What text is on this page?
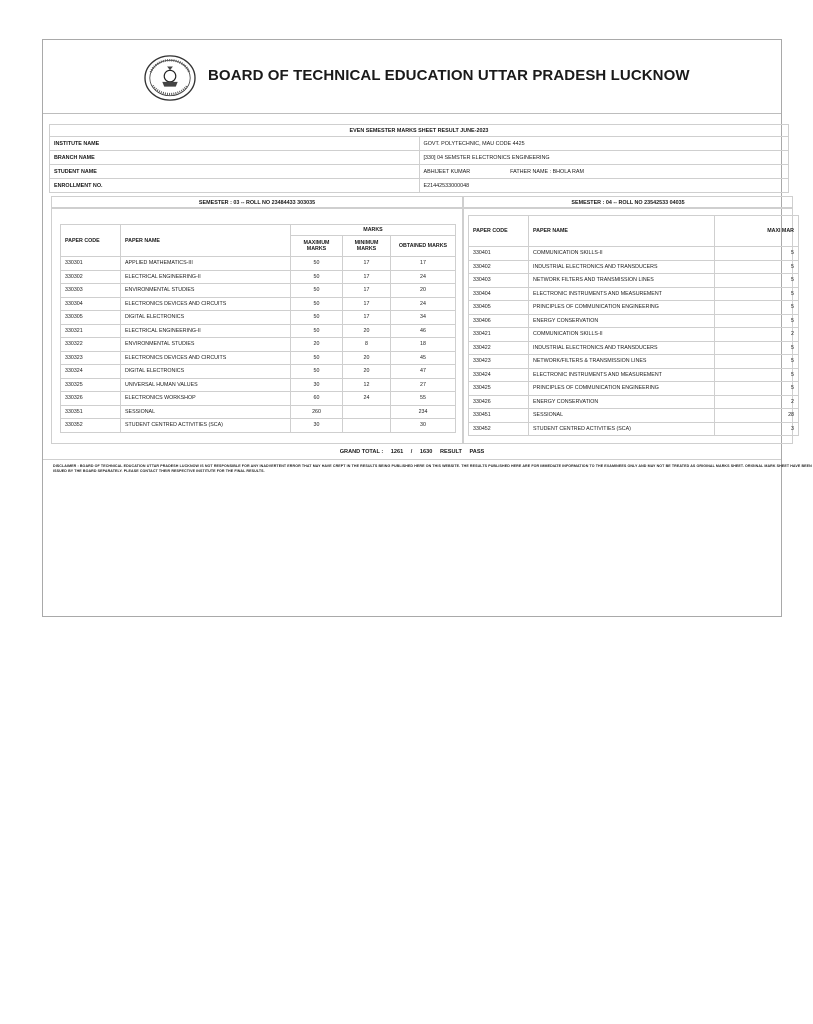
BOARD OF TECHNICAL EDUCATION UTTAR PRADESH LUCKNOW
EVEN SEMESTER MARKS SHEET RESULT JUNE-2023	
INSTITUTE NAME	GOVT. POLYTECHNIC, MAU CODE 4425
BRANCH NAME	[330] 04 SEMSTER ELECTRONICS ENGINEERING
STUDENT NAME	ABHIJEET KUMAR FATHER NAME : BHOLA RAM
ENROLLMENT NO.	E21442533000048
SEMESTER : 03 -- ROLL NO 23484433 303035	SEMESTER : 04 -- ROLL NO 23542533 04035
PAPER CODE	PAPER NAME	MARKS		
		MAXIMUM MARKS	MINIMUM MARKS	OBTAINED MARKS
330301	APPLIED MATHEMATICS-III	50	17	17
330302	ELECTRICAL ENGINEERING-II	50	17	24
330303	ENVIRONMENTAL STUDIES	50	17	20
330304	ELECTRONICS DEVICES AND CIRCUITS	50	17	24
330305	DIGITAL ELECTRONICS	50	17	34
330321	ELECTRICAL ENGINEERING-II	50	20	46
330322	ENVIRONMENTAL STUDIES	20	8	18
330323	ELECTRONICS DEVICES AND CIRCUITS	50	20	45
330324	DIGITAL ELECTRONICS	50	20	47
330325	UNIVERSAL HUMAN VALUES	30	12	27
330326	ELECTRONICS WORKSHOP	60	24	55
330351	SESSIONAL	260		234
330352	STUDENT CENTRED ACTIVITIES (SCA)	30		30
PAPER CODE	PAPER NAME	MAXI MAR
330401	COMMUNICATION SKILLS-II	5
330402	INDUSTRIAL ELECTRONICS AND TRANSDUCERS	5
330403	NETWORK FILTERS AND TRANSMISSION LINES	5
330404	ELECTRONIC INSTRUMENTS AND MEASUREMENT	5
330405	PRINCIPLES OF COMMUNICATION ENGINEERING	5
330406	ENERGY CONSERVATION	5
330421	COMMUNICATION SKILLS-II	2
330422	INDUSTRIAL ELECTRONICS AND TRANSDUCERS	5
330423	NETWORK/FILTERS & TRANSMISSION LINES	5
330424	ELECTRONIC INSTRUMENTS AND MEASUREMENT	5
330425	PRINCIPLES OF COMMUNICATION ENGINEERING	5
330426	ENERGY CONSERVATION	2
330451	SESSIONAL	28
330452	STUDENT CENTRED ACTIVITIES (SCA)	3
GRAND TOTAL : 1261 / 1630 RESULT PASS
DISCLAIMER : BOARD OF TECHNICAL EDUCATION UTTAR PRADESH LUCKNOW IS NOT RESPONSIBLE FOR ANY INADVERTENT ERROR THAT MAY HAVE CREPT IN THE RESULTS BEING PUBLISHED HERE ON THIS WEBSITE. THE RESULTS PUBLISHED HERE ARE FOR IMMEDIATE INFORMATION TO THE EXAMINEES ONLY AND MAY NOT BE TREATED AS ORIGINAL MARKS SHEET. ORIGINAL MARK SHEET HAVE BEEN ISSUED BY THE BOARD SEPARATELY. PLEASE CONTACT THEIR RESPECTIVE INSTITUTE FOR THE FINAL RESULTS.
